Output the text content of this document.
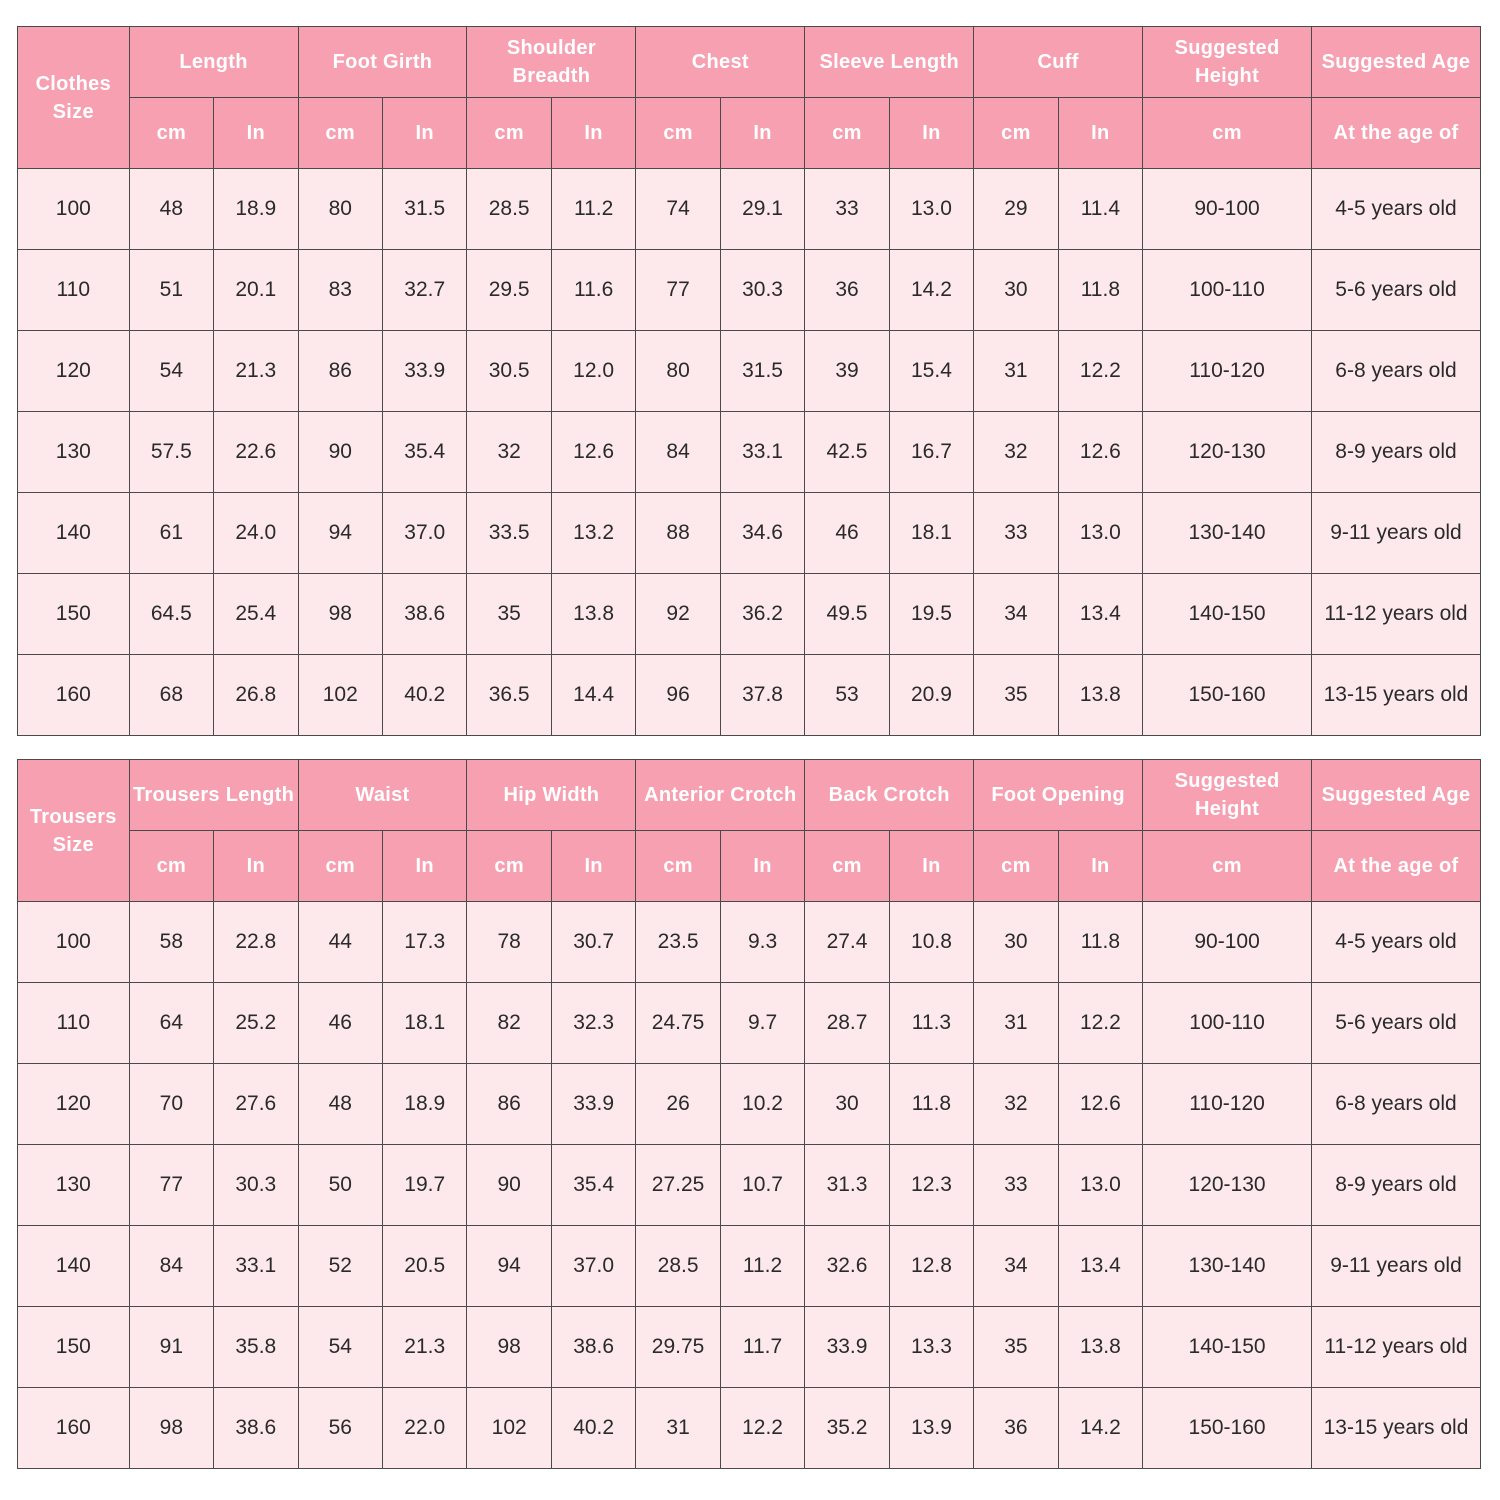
Clothes Size	Length		Foot Girth		Shoulder Breadth		Chest		Sleeve Length		Cuff		Suggested Height	Suggested Age
	cm	In	cm	In	cm	In	cm	In	cm	In	cm	In	cm	At the age of
100	48	18.9	80	31.5	28.5	11.2	74	29.1	33	13.0	29	11.4	90-100	4-5 years old
110	51	20.1	83	32.7	29.5	11.6	77	30.3	36	14.2	30	11.8	100-110	5-6 years old
120	54	21.3	86	33.9	30.5	12.0	80	31.5	39	15.4	31	12.2	110-120	6-8 years old
130	57.5	22.6	90	35.4	32	12.6	84	33.1	42.5	16.7	32	12.6	120-130	8-9 years old
140	61	24.0	94	37.0	33.5	13.2	88	34.6	46	18.1	33	13.0	130-140	9-11 years old
150	64.5	25.4	98	38.6	35	13.8	92	36.2	49.5	19.5	34	13.4	140-150	11-12 years old
160	68	26.8	102	40.2	36.5	14.4	96	37.8	53	20.9	35	13.8	150-160	13-15 years old
Trousers Size	Trousers Length		Waist		Hip Width		Anterior Crotch		Back Crotch		Foot Opening		Suggested Height	Suggested Age
	cm	In	cm	In	cm	In	cm	In	cm	In	cm	In	cm	At the age of
100	58	22.8	44	17.3	78	30.7	23.5	9.3	27.4	10.8	30	11.8	90-100	4-5 years old
110	64	25.2	46	18.1	82	32.3	24.75	9.7	28.7	11.3	31	12.2	100-110	5-6 years old
120	70	27.6	48	18.9	86	33.9	26	10.2	30	11.8	32	12.6	110-120	6-8 years old
130	77	30.3	50	19.7	90	35.4	27.25	10.7	31.3	12.3	33	13.0	120-130	8-9 years old
140	84	33.1	52	20.5	94	37.0	28.5	11.2	32.6	12.8	34	13.4	130-140	9-11 years old
150	91	35.8	54	21.3	98	38.6	29.75	11.7	33.9	13.3	35	13.8	140-150	11-12 years old
160	98	38.6	56	22.0	102	40.2	31	12.2	35.2	13.9	36	14.2	150-160	13-15 years old
